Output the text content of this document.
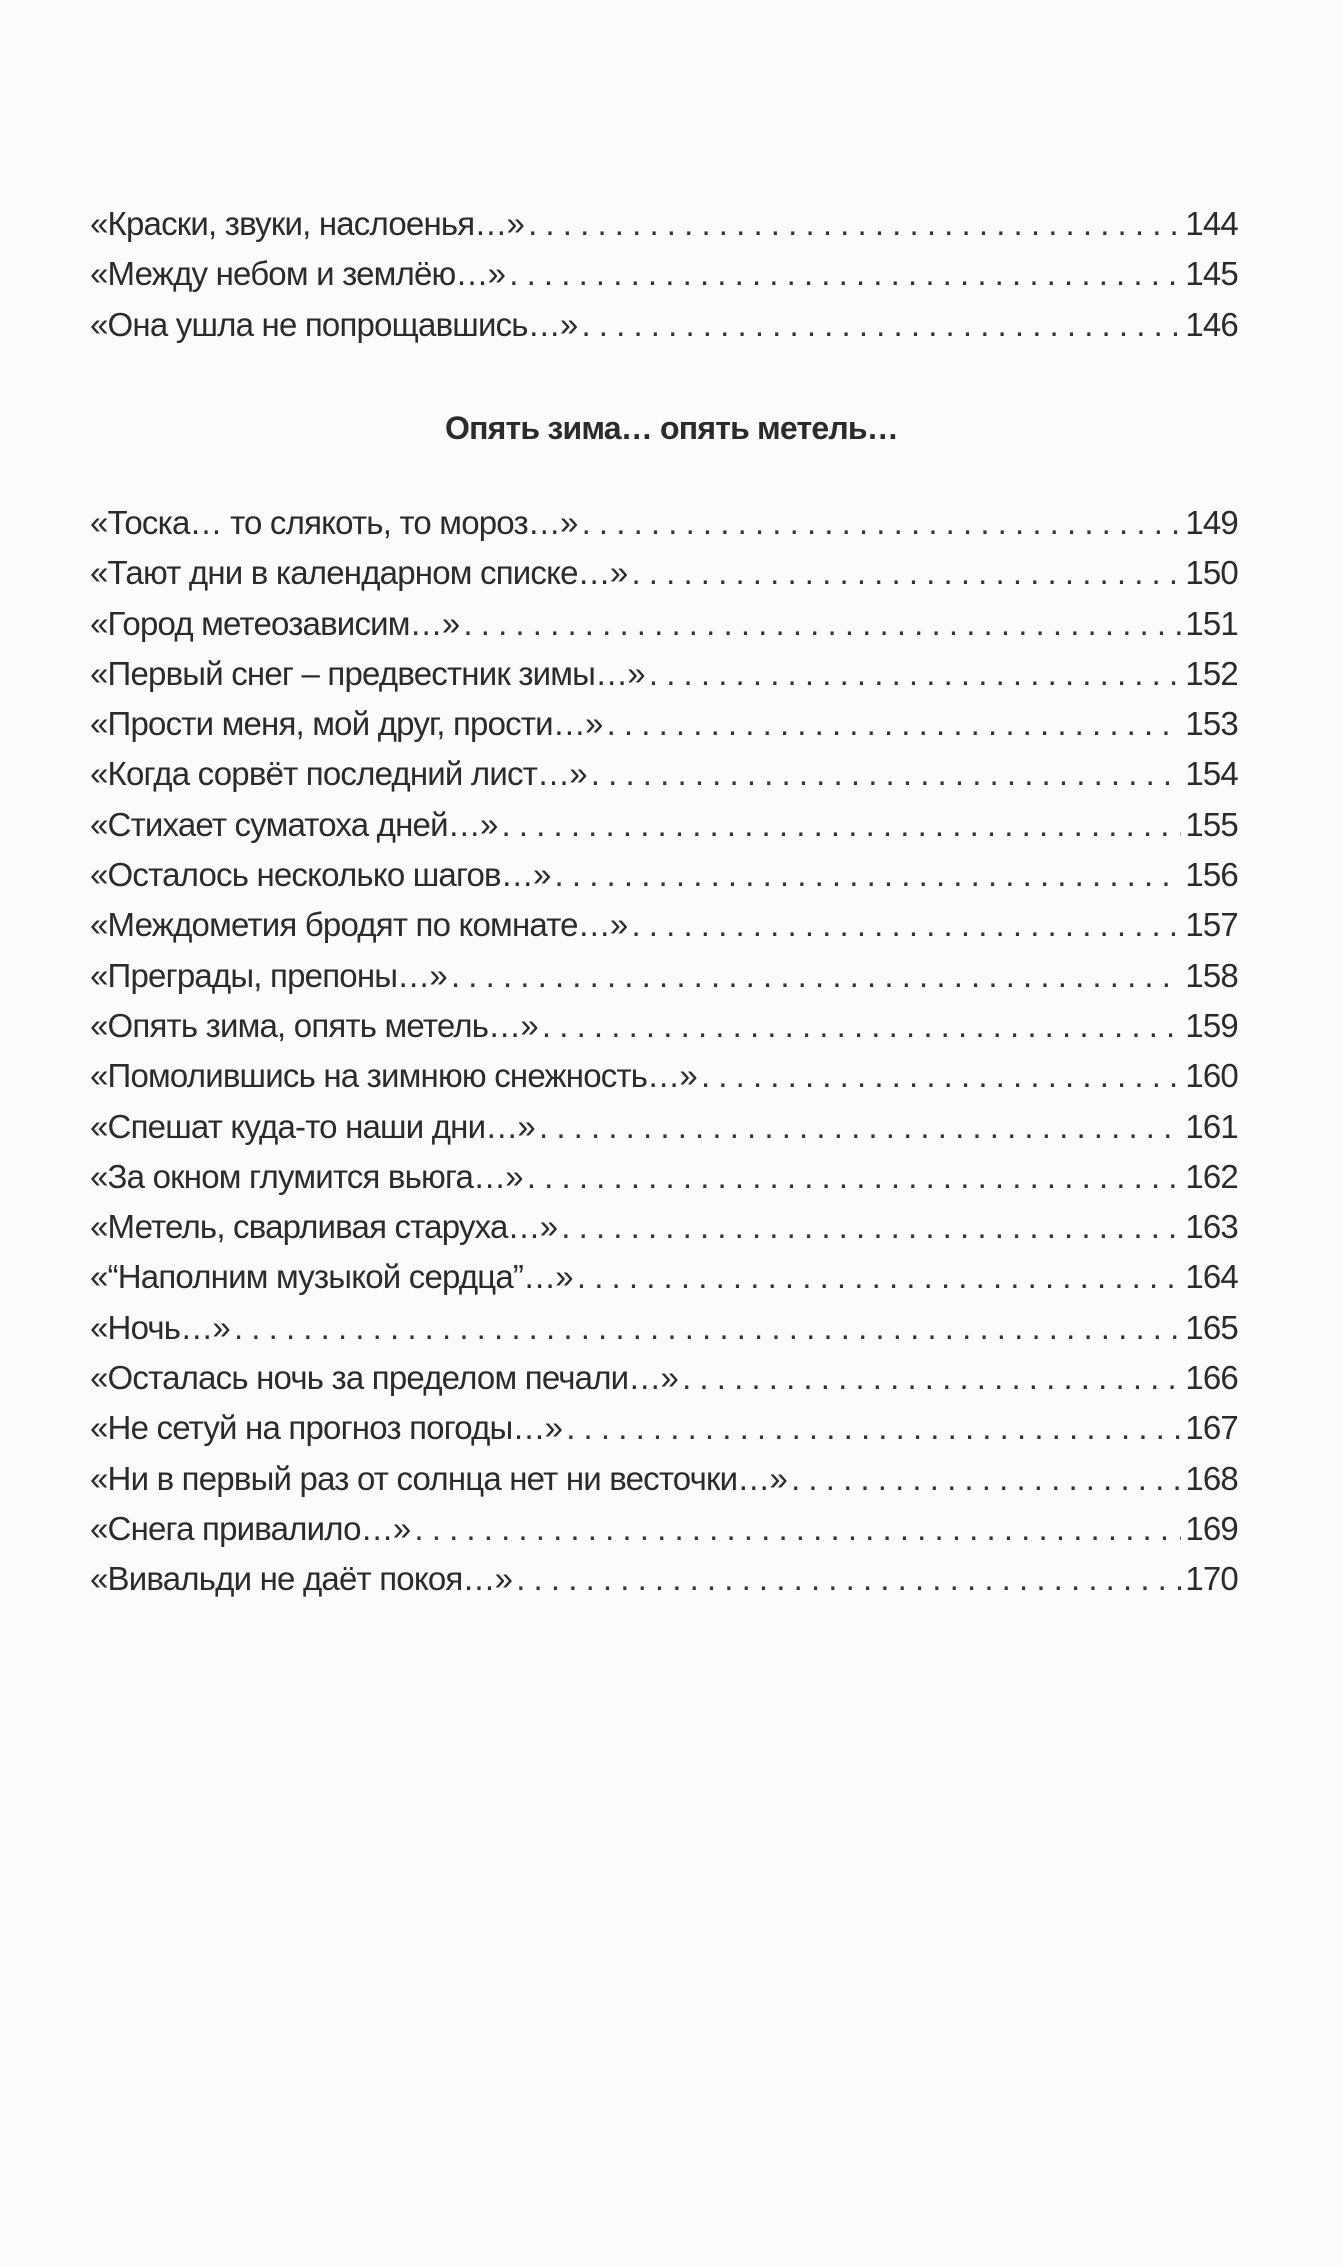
«Краски, звуки, наслоенья…» . . .	144
«Между небом и землёю…» . . .	145
«Она ушла не попрощавшись…» . . .	146
Опять зима… опять метель…
«Тоска… то слякоть, то мороз…» . . .	149
«Тают дни в календарном списке…» . . .	150
«Город метеозависим…» . . .	151
«Первый снег – предвестник зимы…» . . .	152
«Прости меня, мой друг, прости…» . . .	153
«Когда сорвёт последний лист…» . . .	154
«Стихает суматоха дней…» . . .	155
«Осталось несколько шагов…» . . .	156
«Междометия бродят по комнате…» . . .	157
«Преграды, препоны…» . . .	158
«Опять зима, опять метель…» . . .	159
«Помолившись на зимнюю снежность…» . . .	160
«Спешат куда-то наши дни…» . . .	161
«За окном глумится вьюга…» . . .	162
«Метель, сварливая старуха…» . . .	163
«“Наполним музыкой сердца”…» . . .	164
«Ночь…» . . .	165
«Осталась ночь за пределом печали…» . . .	166
«Не сетуй на прогноз погоды…» . . .	167
«Ни в первый раз от солнца нет ни весточки…» . . .	168
«Снега привалило…» . . .	169
«Вивальди не даёт покоя…» . . .	170
